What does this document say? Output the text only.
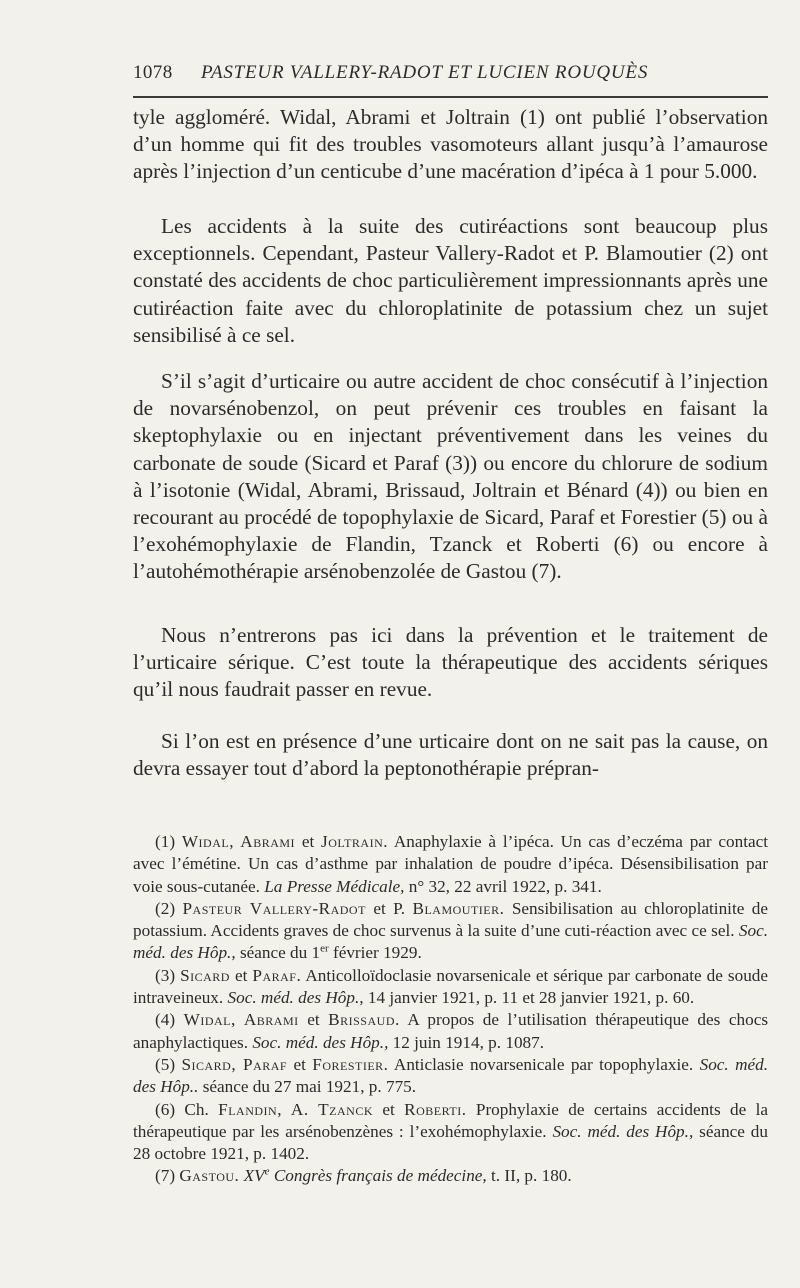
1078 PASTEUR VALLERY-RADOT ET LUCIEN ROUQUÈS

tyle aggloméré. Widal, Abrami et Joltrain (1) ont publié l’observation d’un homme qui fit des troubles vasomoteurs allant jusqu’à l’amaurose après l’injection d’un centicube d’une macération d’ipéca à 1 pour 5.000.

Les accidents à la suite des cutiréactions sont beaucoup plus exceptionnels. Cependant, Pasteur Vallery-Radot et P. Blamoutier (2) ont constaté des accidents de choc particulièrement impressionnants après une cutiréaction faite avec du chloroplatinite de potassium chez un sujet sensibilisé à ce sel.

S’il s’agit d’urticaire ou autre accident de choc consécutif à l’injection de novarsénobenzol, on peut prévenir ces troubles en faisant la skeptophylaxie ou en injectant préventivement dans les veines du carbonate de soude (Sicard et Paraf (3)) ou encore du chlorure de sodium à l’isotonie (Widal, Abrami, Brissaud, Joltrain et Bénard (4)) ou bien en recourant au procédé de topophylaxie de Sicard, Paraf et Forestier (5) ou à l’exohémophylaxie de Flandin, Tzanck et Roberti (6) ou encore à l’autohémothérapie arsénobenzolée de Gastou (7).

Nous n’entrerons pas ici dans la prévention et le traitement de l’urticaire sérique. C’est toute la thérapeutique des accidents sériques qu’il nous faudrait passer en revue.

Si l’on est en présence d’une urticaire dont on ne sait pas la cause, on devra essayer tout d’abord la peptonothérapie prépran-

(1) Widal, Abrami et Joltrain. Anaphylaxie à l’ipéca. Un cas d’eczéma par contact avec l’émétine. Un cas d’asthme par inhalation de poudre d’ipéca. Désensibilisation par voie sous-cutanée. La Presse Médicale, n° 32, 22 avril 1922, p. 341.

(2) Pasteur Vallery-Radot et P. Blamoutier. Sensibilisation au chloroplatinite de potassium. Accidents graves de choc survenus à la suite d’une cuti-réaction avec ce sel. Soc. méd. des Hôp., séance du 1er février 1929.

(3) Sicard et Paraf. Anticolloïdoclasie novarsenicale et sérique par carbonate de soude intraveineux. Soc. méd. des Hôp., 14 janvier 1921, p. 11 et 28 janvier 1921, p. 60.

(4) Widal, Abrami et Brissaud. A propos de l’utilisation thérapeutique des chocs anaphylactiques. Soc. méd. des Hôp., 12 juin 1914, p. 1087.

(5) Sicard, Paraf et Forestier. Anticlasie novarsenicale par topophylaxie. Soc. méd. des Hôp.. séance du 27 mai 1921, p. 775.

(6) Ch. Flandin, A. Tzanck et Roberti. Prophylaxie de certains accidents de la thérapeutique par les arsénobenzènes : l’exohémophylaxie. Soc. méd. des Hôp., séance du 28 octobre 1921, p. 1402.

(7) Gastou. XVe Congrès français de médecine, t. II, p. 180.
